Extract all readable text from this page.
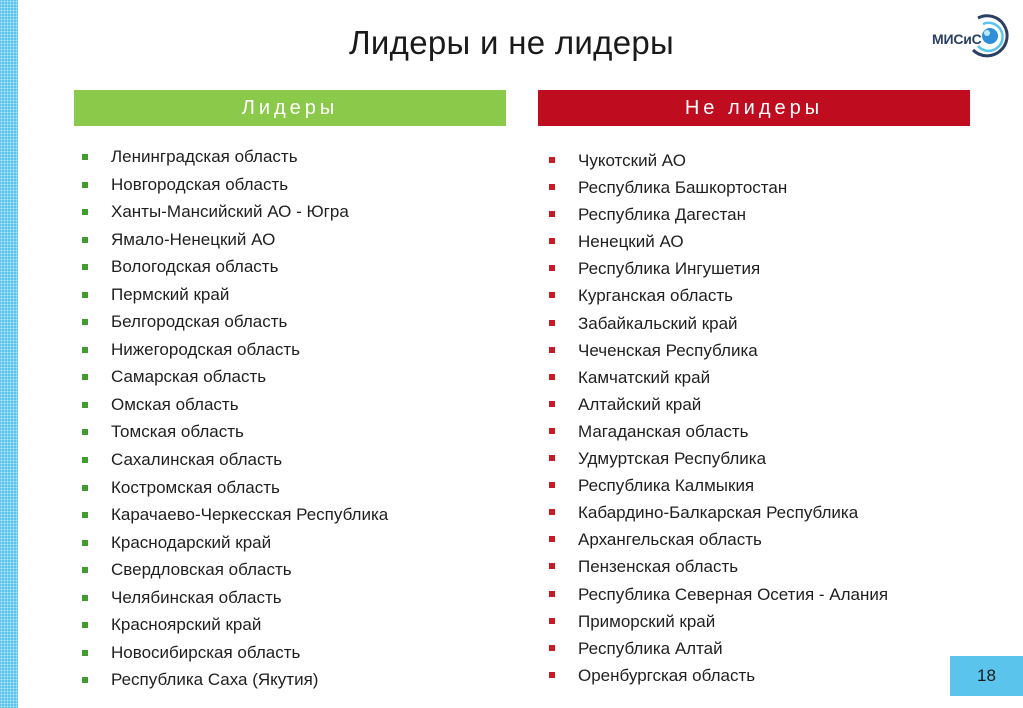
Лидеры и не лидеры	МИСиС
Лидеры	Не лидеры
Ленинградская область
Новгородская область
Ханты-Мансийский АО - Югра
Ямало-Ненецкий АО
Вологодская область
Пермский край
Белгородская область
Нижегородская область
Самарская область
Омская область
Томская область
Сахалинская область
Костромская область
Карачаево-Черкесская Республика
Краснодарский край
Свердловская область
Челябинская область
Красноярский край
Новосибирская область
Республика Саха (Якутия)
Чукотский АО
Республика Башкортостан
Республика Дагестан
Ненецкий АО
Республика Ингушетия
Курганская область
Забайкальский край
Чеченская Республика
Камчатский край
Алтайский край
Магаданская область
Удмуртская Республика
Республика Калмыкия
Кабардино-Балкарская Республика
Архангельская область
Пензенская область
Республика Северная Осетия - Алания
Приморский край
Республика Алтай
Оренбургская область	18
